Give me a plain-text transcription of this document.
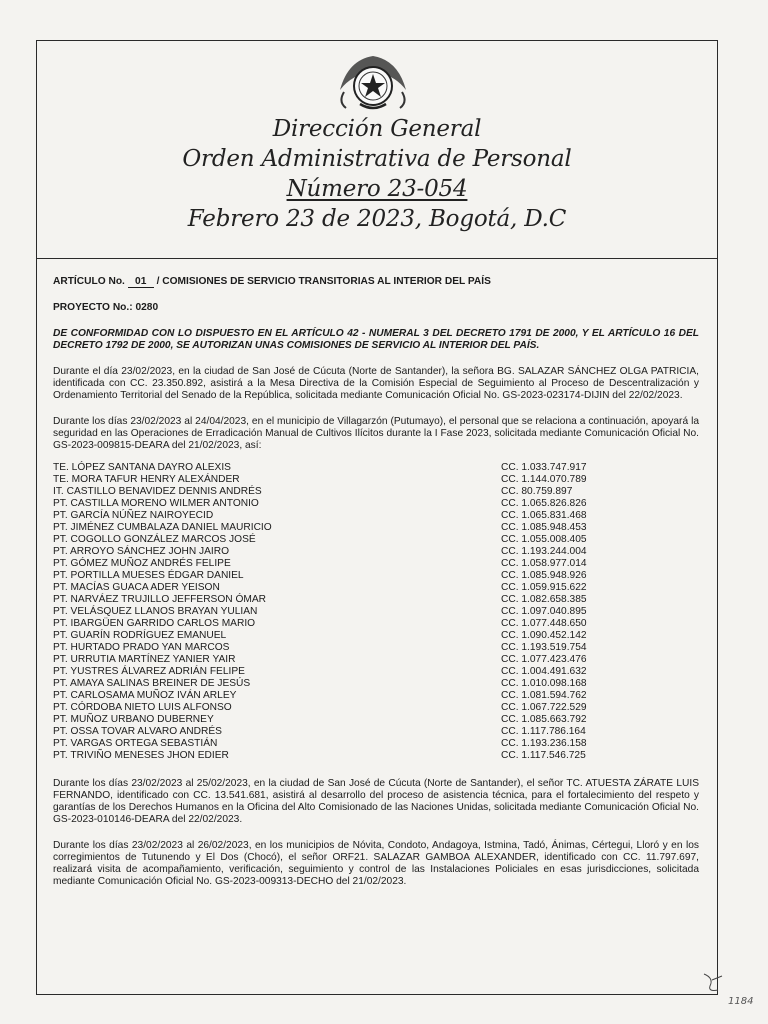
Dirección General
Orden Administrativa de Personal
Número 23-054
Febrero 23 de 2023, Bogotá, D.C
ARTÍCULO No. 01 / COMISIONES DE SERVICIO TRANSITORIAS AL INTERIOR DEL PAÍS
PROYECTO No.: 0280
DE CONFORMIDAD CON LO DISPUESTO EN EL ARTÍCULO 42 - NUMERAL 3 DEL DECRETO 1791 DE 2000, Y EL ARTÍCULO 16 DEL DECRETO 1792 DE 2000, SE AUTORIZAN UNAS COMISIONES DE SERVICIO AL INTERIOR DEL PAÍS.
Durante el día 23/02/2023, en la ciudad de San José de Cúcuta (Norte de Santander), la señora BG. SALAZAR SÁNCHEZ OLGA PATRICIA, identificada con CC. 23.350.892, asistirá a la Mesa Directiva de la Comisión Especial de Seguimiento al Proceso de Descentralización y Ordenamiento Territorial del Senado de la República, solicitada mediante Comunicación Oficial No. GS-2023-023174-DIJIN del 22/02/2023.
Durante los días 23/02/2023 al 24/04/2023, en el municipio de Villagarzón (Putumayo), el personal que se relaciona a continuación, apoyará la seguridad en las Operaciones de Erradicación Manual de Cultivos Ilícitos durante la I Fase 2023, solicitada mediante Comunicación Oficial No. GS-2023-009815-DEARA del 21/02/2023, así:
TE. LÓPEZ SANTANA DAYRO ALEXIS	CC. 1.033.747.917
TE. MORA TAFUR HENRY ALEXÁNDER	CC. 1.144.070.789
IT. CASTILLO BENAVIDEZ DENNIS ANDRÉS	CC. 80.759.897
PT. CASTILLA MORENO WILMER ANTONIO	CC. 1.065.826.826
PT. GARCÍA NÚÑEZ NAIROYECID	CC. 1.065.831.468
PT. JIMÉNEZ CUMBALAZA DANIEL MAURICIO	CC. 1.085.948.453
PT. COGOLLO GONZÁLEZ MARCOS JOSÉ	CC. 1.055.008.405
PT. ARROYO SÁNCHEZ JOHN JAIRO	CC. 1.193.244.004
PT. GÓMEZ MUÑOZ ANDRÉS FELIPE	CC. 1.058.977.014
PT. PORTILLA MUESES ÉDGAR DANIEL	CC. 1.085.948.926
PT. MACÍAS GUACA ADER YEISON	CC. 1.059.915.622
PT. NARVÁEZ TRUJILLO JEFFERSON ÓMAR	CC. 1.082.658.385
PT. VELÁSQUEZ LLANOS BRAYAN YULIAN	CC. 1.097.040.895
PT. IBARGÜEN GARRIDO CARLOS MARIO	CC. 1.077.448.650
PT. GUARÍN RODRÍGUEZ EMANUEL	CC. 1.090.452.142
PT. HURTADO PRADO YAN MARCOS	CC. 1.193.519.754
PT. URRUTIA MARTÍNEZ YANIER YAIR	CC. 1.077.423.476
PT. YUSTRES ÁLVAREZ ADRIÁN FELIPE	CC. 1.004.491.632
PT. AMAYA SALINAS BREINER DE JESÚS	CC. 1.010.098.168
PT. CARLOSAMA MUÑOZ IVÁN ARLEY	CC. 1.081.594.762
PT. CÓRDOBA NIETO LUIS ALFONSO	CC. 1.067.722.529
PT. MUÑOZ URBANO DUBERNEY	CC. 1.085.663.792
PT. OSSA TOVAR ALVARO ANDRÉS	CC. 1.117.786.164
PT. VARGAS ORTEGA SEBASTIÁN	CC. 1.193.236.158
PT. TRIVIÑO MENESES JHON EDIER	CC. 1.117.546.725
Durante los días 23/02/2023 al 25/02/2023, en la ciudad de San José de Cúcuta (Norte de Santander), el señor TC. ATUESTA ZÁRATE LUIS FERNANDO, identificado con CC. 13.541.681, asistirá al desarrollo del proceso de asistencia técnica, para el fortalecimiento del respeto y garantías de los Derechos Humanos en la Oficina del Alto Comisionado de las Naciones Unidas, solicitada mediante Comunicación Oficial No. GS-2023-010146-DEARA del 22/02/2023.
Durante los días 23/02/2023 al 26/02/2023, en los municipios de Nóvita, Condoto, Andagoya, Istmina, Tadó, Ánimas, Cértegui, Lloró y en los corregimientos de Tutunendo y El Dos (Chocó), el señor ORF21. SALAZAR GAMBOA ALEXANDER, identificado con CC. 11.797.697, realizará visita de acompañamiento, verificación, seguimiento y control de las Instalaciones Policiales en esas jurisdicciones, solicitada mediante Comunicación Oficial No. GS-2023-009313-DECHO del 21/02/2023.
1184
